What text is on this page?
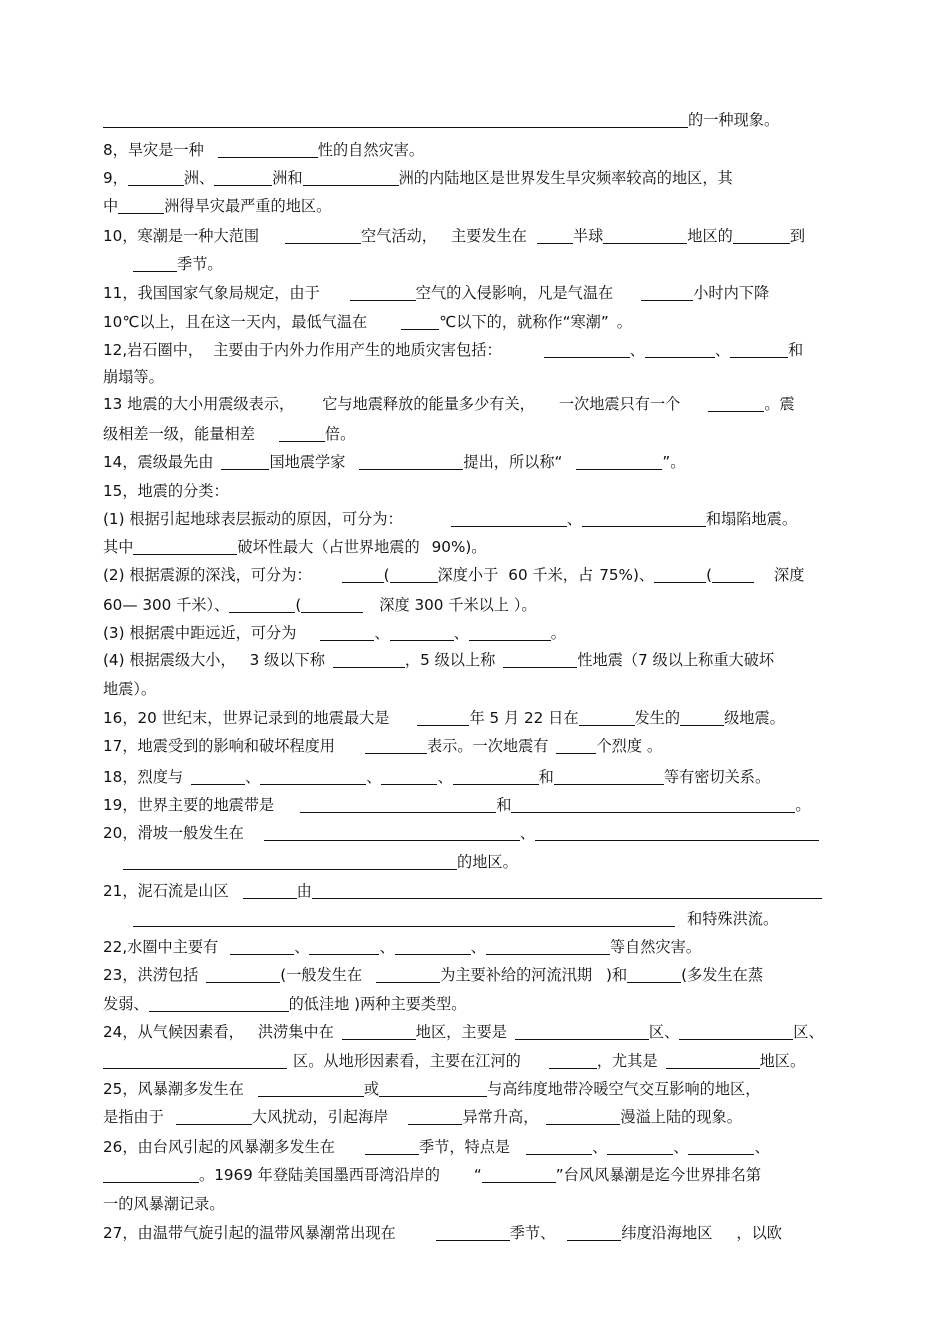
的一种现象。
8，旱灾是一种	性的自然灾害。
9，	洲、	洲和	洲的内陆地区是世界发生旱灾频率较高的地区，其
中	洲得旱灾最严重的地区。
10，寒潮是一种大范围	空气活动， 主要发生在	半球	地区的	到
季节。
11，我国国家气象局规定，由于	空气的入侵影响，凡是气温在	小时内下降
10℃以上，且在这一天内，最低气温在	℃以下的，就称作“寒潮” 。
12,岩石圈中， 主要由于内外力作用产生的地质灾害包括：	、	、	和
崩塌等。
13 地震的大小用震级表示， 它与地震释放的能量多少有关， 一次地震只有一个	。震
级相差一级，能量相差	倍。
14，震级最先由	国地震学家	提出，所以称“	”。
15，地震的分类：
(1) 根据引起地球表层振动的原因，可分为：	、	和塌陷地震。
其中	破坏性最大（占世界地震的 90%)。
(2) 根据震源的深浅，可分为：	(	深度小于 60 千米，占 75%)、	(	深度
60— 300 千米）、	(	深度 300 千米以上 ）。
(3) 根据震中距远近，可分为	、	、	。
(4) 根据震级大小， 3 级以下称	，5 级以上称	性地震（7 级以上称重大破坏
地震）。
16，20 世纪末，世界记录到的地震最大是	年 5 月 22 日在	发生的	级地震。
17，地震受到的影响和破坏程度用	表示。一次地震有	个烈度 。
18，烈度与	、	、	、	和	等有密切关系。
19，世界主要的地震带是	和	。
20，滑坡一般发生在	、
的地区。
21，泥石流是山区	由
和特殊洪流。
22,水圈中主要有	、	、	、	等自然灾害。
23，洪涝包括	(一般发生在	为主要补给的河流汛期 )和	(多发生在蒸
发弱、	的低洼地 )两种主要类型。
24，从气候因素看， 洪涝集中在	地区，主要是	区、	区、
区。从地形因素看，主要在江河的	，尤其是	地区。
25，风暴潮多发生在	或	与高纬度地带冷暖空气交互影响的地区，
是指由于	大风扰动，引起海岸	异常升高，	漫溢上陆的现象。
26，由台风引起的风暴潮多发生在	季节，特点是	、	、	、
。1969 年登陆美国墨西哥湾沿岸的 “	”台风风暴潮是迄今世界排名第
一的风暴潮记录。
27，由温带气旋引起的温带风暴潮常出现在	季节、	纬度沿海地区 ，以欧
